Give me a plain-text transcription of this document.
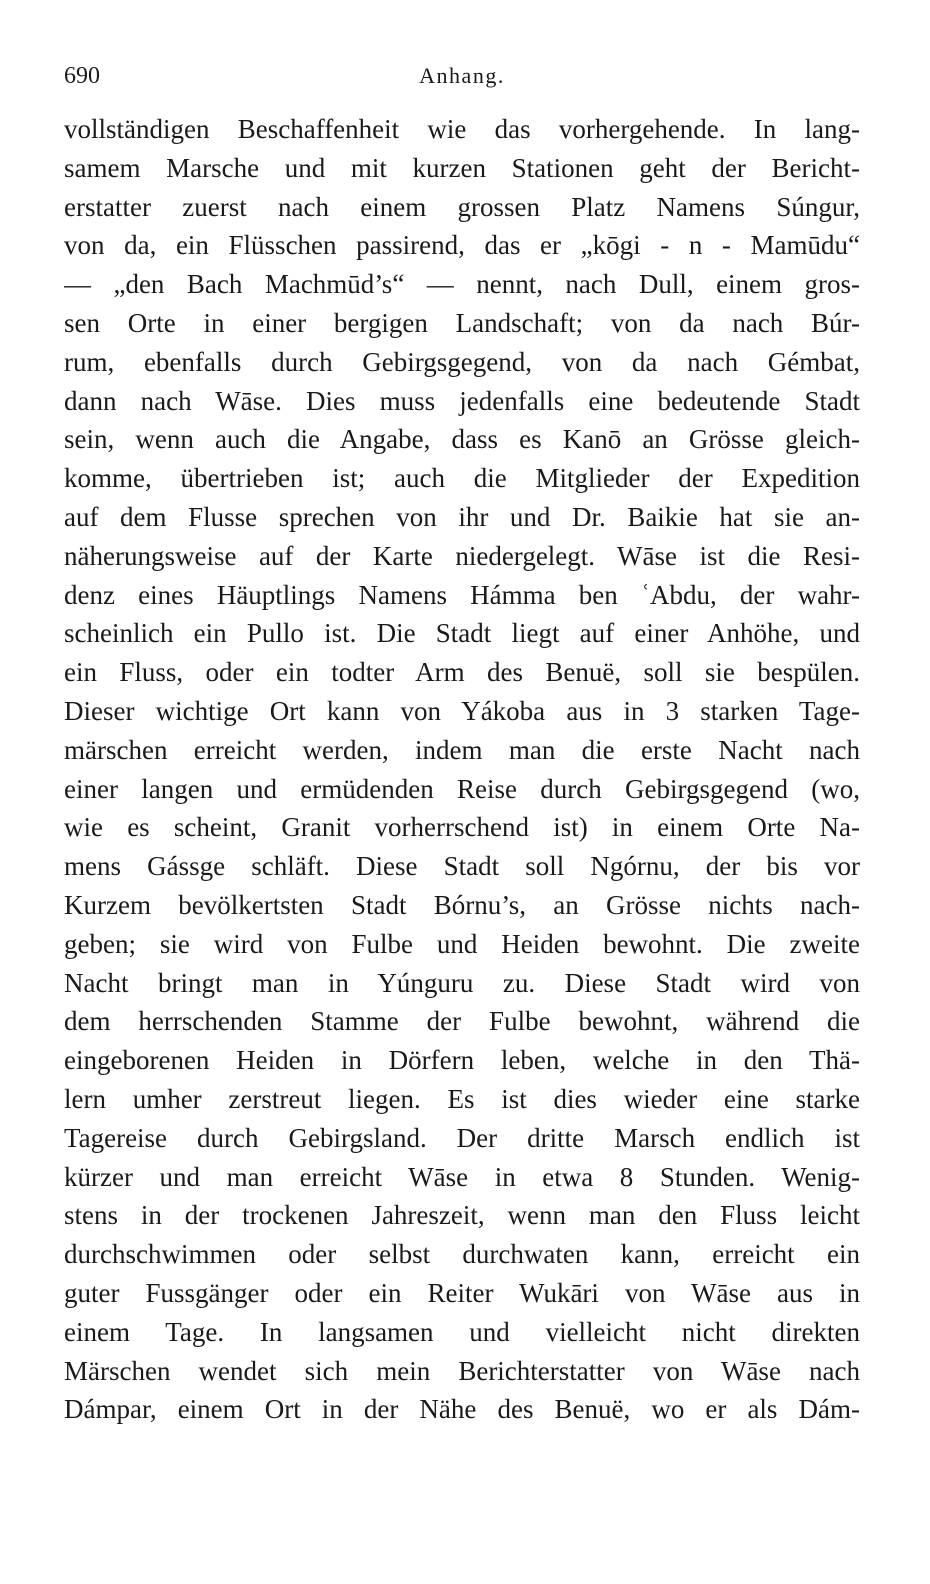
690	Anhang.
vollständigen Beschaffenheit wie das vorhergehende. In lang-
samem Marsche und mit kurzen Stationen geht der Bericht-
erstatter zuerst nach einem grossen Platz Namens Súngur,
von da, ein Flüsschen passirend, das er „kōgi - n - Mamūdu“
— „den Bach Machmūd’s“ — nennt, nach Dull, einem gros-
sen Orte in einer bergigen Landschaft; von da nach Búr-
rum, ebenfalls durch Gebirgsgegend, von da nach Gémbat,
dann nach Wāse. Dies muss jedenfalls eine bedeutende Stadt
sein, wenn auch die Angabe, dass es Kanō an Grösse gleich-
komme, übertrieben ist; auch die Mitglieder der Expedition
auf dem Flusse sprechen von ihr und Dr. Baikie hat sie an-
näherungsweise auf der Karte niedergelegt. Wāse ist die Resi-
denz eines Häuptlings Namens Hámma ben ʿAbdu, der wahr-
scheinlich ein Pullo ist. Die Stadt liegt auf einer Anhöhe, und
ein Fluss, oder ein todter Arm des Benuë, soll sie bespülen.
Dieser wichtige Ort kann von Yákoba aus in 3 starken Tage-
märschen erreicht werden, indem man die erste Nacht nach
einer langen und ermüdenden Reise durch Gebirgsgegend (wo,
wie es scheint, Granit vorherrschend ist) in einem Orte Na-
mens Gássge schläft. Diese Stadt soll Ngórnu, der bis vor
Kurzem bevölkertsten Stadt Bórnu’s, an Grösse nichts nach-
geben; sie wird von Fulbe und Heiden bewohnt. Die zweite
Nacht bringt man in Yúnguru zu. Diese Stadt wird von
dem herrschenden Stamme der Fulbe bewohnt, während die
eingeborenen Heiden in Dörfern leben, welche in den Thä-
lern umher zerstreut liegen. Es ist dies wieder eine starke
Tagereise durch Gebirgsland. Der dritte Marsch endlich ist
kürzer und man erreicht Wāse in etwa 8 Stunden. Wenig-
stens in der trockenen Jahreszeit, wenn man den Fluss leicht
durchschwimmen oder selbst durchwaten kann, erreicht ein
guter Fussgänger oder ein Reiter Wukāri von Wāse aus in
einem Tage. In langsamen und vielleicht nicht direkten
Märschen wendet sich mein Berichterstatter von Wāse nach
Dámpar, einem Ort in der Nähe des Benuë, wo er als Dám-
